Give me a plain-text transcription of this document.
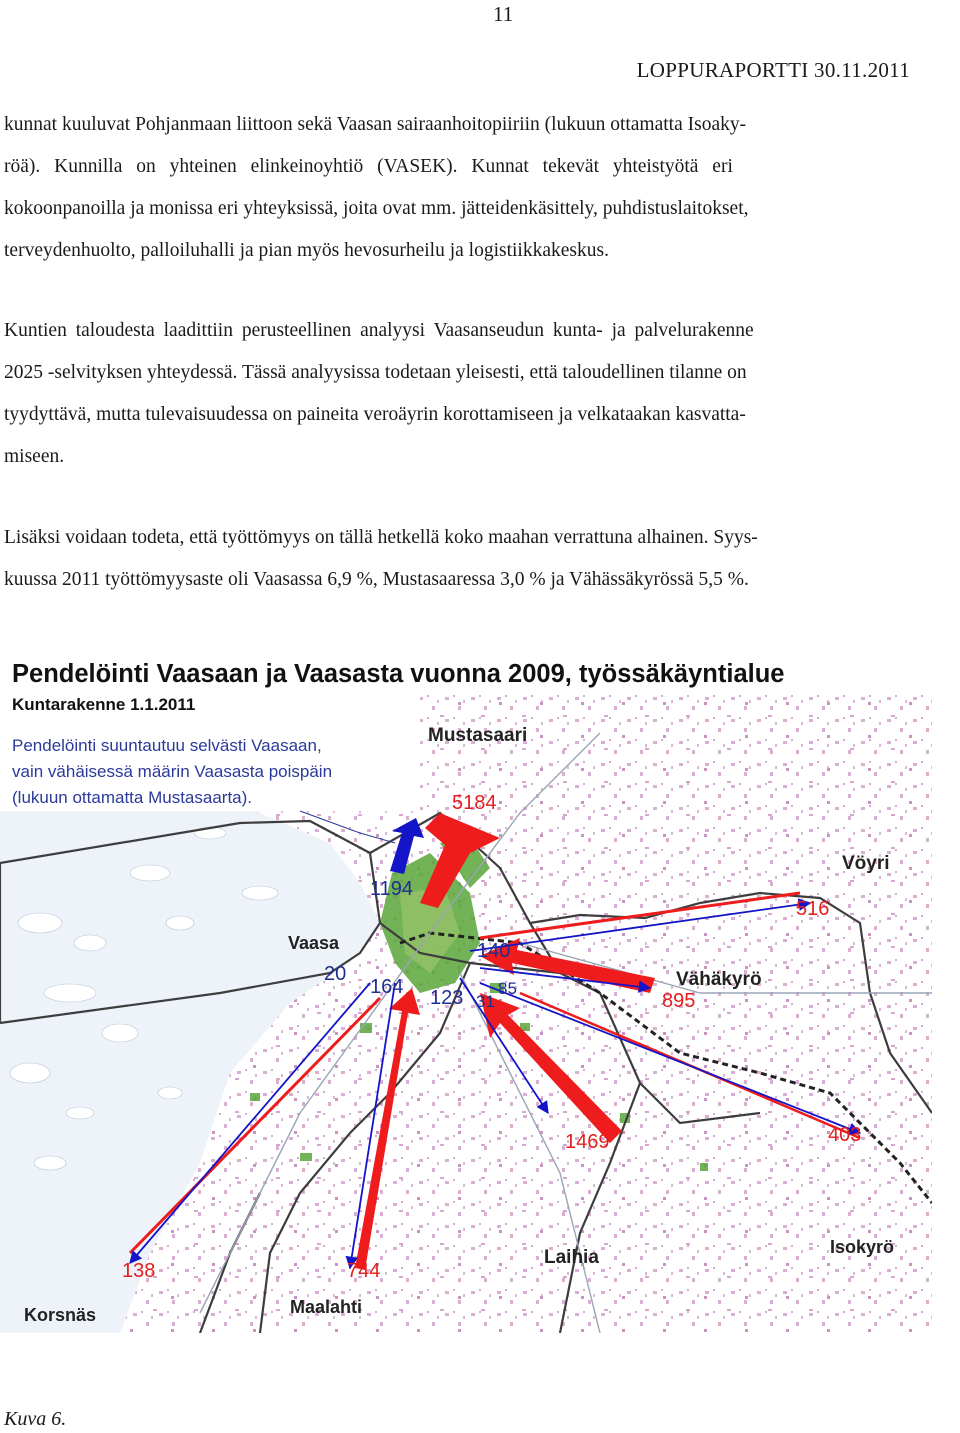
11
LOPPURAPORTTI 30.11.2011
kunnat kuuluvat Pohjanmaan liittoon sekä Vaasan sairaanhoitopiiriin (lukuun ottamatta Isoaky-
röä). Kunnilla on yhteinen elinkeinoyhtiö (VASEK). Kunnat tekevät yhteistyötä eri
kokoonpanoilla ja monissa eri yhteyksissä, joita ovat mm. jätteidenkäsittely, puhdistuslaitokset,
terveydenhuolto, palloiluhalli ja pian myös hevosurheilu ja logistiikkakeskus.
Kuntien taloudesta laadittiin perusteellinen analyysi Vaasanseudun kunta- ja palvelurakenne
2025 -selvityksen yhteydessä. Tässä analyysissa todetaan yleisesti, että taloudellinen tilanne on
tyydyttävä, mutta tulevaisuudessa on paineita veroäyrin korottamiseen ja velkataakan kasvatta-
miseen.
Lisäksi voidaan todeta, että työttömyys on tällä hetkellä koko maahan verrattuna alhainen. Syys-
kuussa 2011 työttömyysaste oli Vaasassa 6,9 %, Mustasaaressa 3,0 % ja Vähässäkyrössä 5,5 %.
Pendelöinti Vaasaan ja Vaasasta vuonna 2009, työssäkäyntialue
Kuntarakenne 1.1.2011
Pendelöinti suuntautuu selvästi Vaasaan,
vain vähäisessä määrin Vaasasta poispäin
(lukuun ottamatta Mustasaarta).
Mustasaari
Vöyri
Vaasa
Vähäkyrö
Laihia	Isokyrö
Korsnäs	Maalahti
5184
1194
516
140
895
85
1469
123
403
31
744
164
138
20
Kuva 6.
